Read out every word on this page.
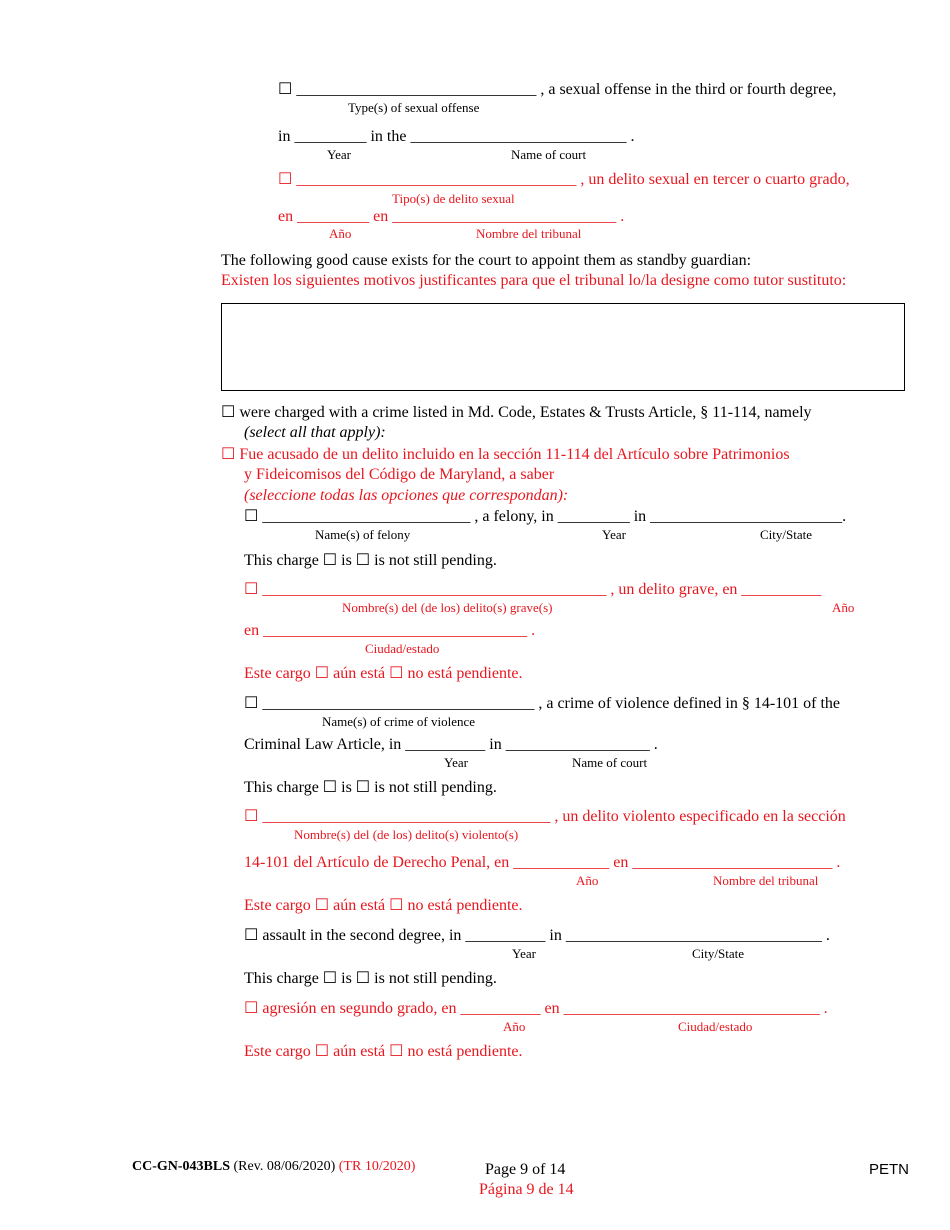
☐ ______________________________ , a sexual offense in the third or fourth degree,
Type(s) of sexual offense
in _________ in the ___________________________ .
Year	Name of court
☐ ___________________________________ , un delito sexual en tercer o cuarto grado,
Tipo(s) de delito sexual
en _________ en ____________________________ .
Año	Nombre del tribunal
The following good cause exists for the court to appoint them as standby guardian:
Existen los siguientes motivos justificantes para que el tribunal lo/la designe como tutor sustituto:
☐ were charged with a crime listed in Md. Code, Estates & Trusts Article, § 11-114, namely
(select all that apply):
☐ Fue acusado de un delito incluido en la sección 11-114 del Artículo sobre Patrimonios
y Fideicomisos del Código de Maryland, a saber
(seleccione todas las opciones que correspondan):
☐ __________________________ , a felony, in _________ in ________________________.
Name(s) of felony	Year	City/State
This charge ☐ is ☐ is not still pending.
☐ ___________________________________________ , un delito grave, en __________
Nombre(s) del (de los) delito(s) grave(s)	Año
en _________________________________ .
Ciudad/estado
Este cargo ☐ aún está ☐ no está pendiente.
☐ __________________________________ , a crime of violence defined in § 14-101 of the
Name(s) of crime of violence
Criminal Law Article, in __________ in __________________ .
Year	Name of court
This charge ☐ is ☐ is not still pending.
☐ ____________________________________ , un delito violento especificado en la sección
Nombre(s) del (de los) delito(s) violento(s)
14-101 del Artículo de Derecho Penal, en ____________ en _________________________ .
Año	Nombre del tribunal
Este cargo ☐ aún está ☐ no está pendiente.
☐ assault in the second degree, in __________ in ________________________________ .
Year	City/State
This charge ☐ is ☐ is not still pending.
☐ agresión en segundo grado, en __________ en ________________________________ .
Año	Ciudad/estado
Este cargo ☐ aún está ☐ no está pendiente.
CC-GN-043BLS (Rev. 08/06/2020) (TR 10/2020)	Page 9 of 14
Página 9 de 14
PETN
